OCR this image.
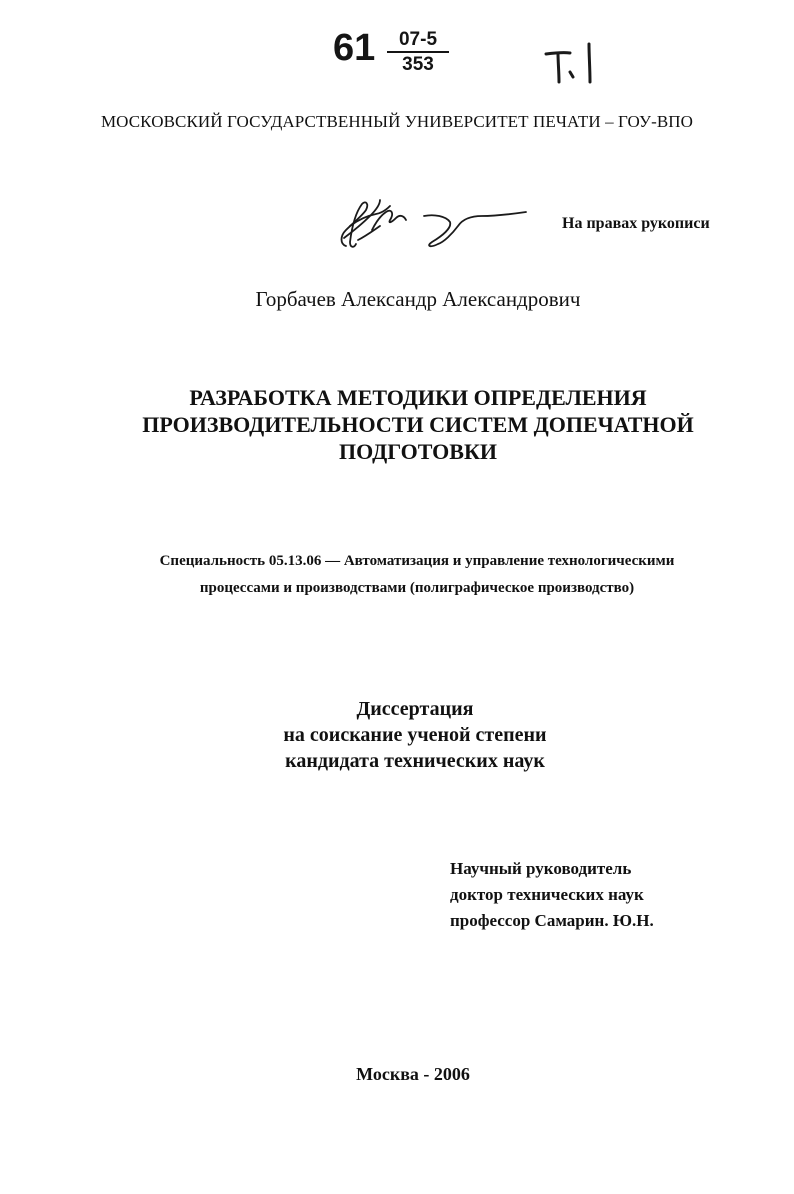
61	07-5
353
МОСКОВСКИЙ ГОСУДАРСТВЕННЫЙ УНИВЕРСИТЕТ ПЕЧАТИ – ГОУ-ВПО
На правах рукописи
Горбачев Александр Александрович
РАЗРАБОТКА МЕТОДИКИ ОПРЕДЕЛЕНИЯ
ПРОИЗВОДИТЕЛЬНОСТИ СИСТЕМ ДОПЕЧАТНОЙ
ПОДГОТОВКИ
Специальность 05.13.06 — Автоматизация и управление технологическими
процессами и производствами (полиграфическое производство)
Диссертация
на соискание ученой степени
кандидата технических наук
Научный руководитель
доктор технических наук
профессор Самарин. Ю.Н.
Москва - 2006
